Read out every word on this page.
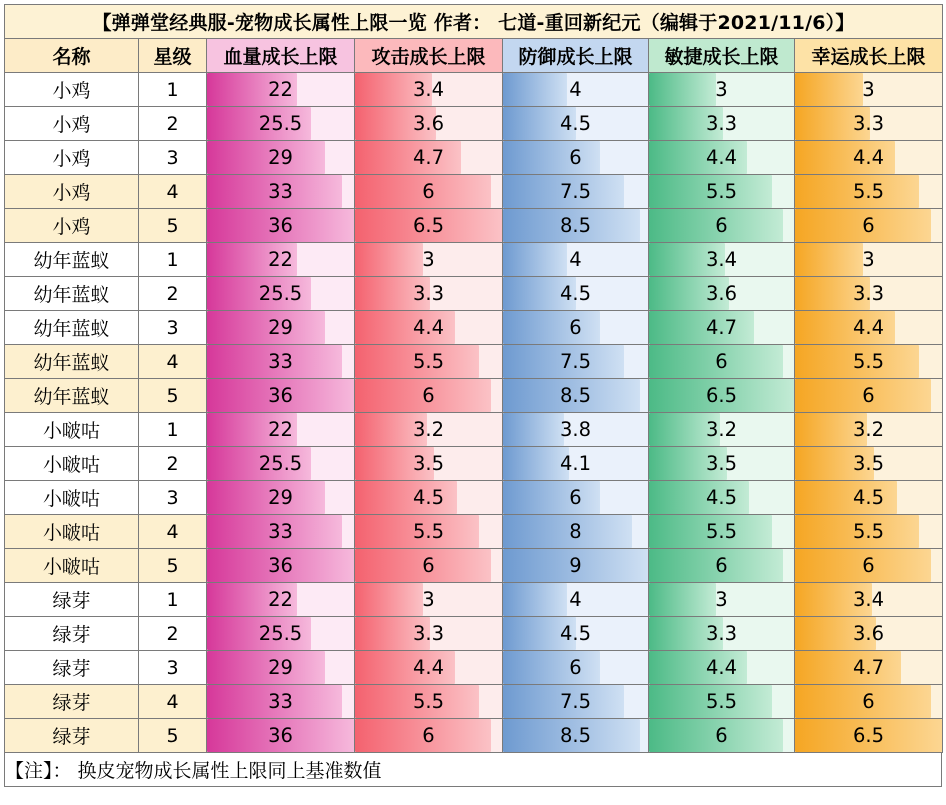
【弹弹堂经典服-宠物成长属性上限一览 作者： 七道-重回新纪元（编辑于2021/11/6）】						
名称	星级	血量成长上限	攻击成长上限	防御成长上限	敏捷成长上限	幸运成长上限
小鸡	1	22	3.4	4	3	3

小鸡	2	25.5	3.6	4.5	3.3	3.3

小鸡	3	29	4.7	6	4.4	4.4

小鸡	4	33	6	7.5	5.5	5.5

小鸡	5	36	6.5	8.5	6	6

幼年蓝蚁	1	22	3	4	3.4	3

幼年蓝蚁	2	25.5	3.3	4.5	3.6	3.3

幼年蓝蚁	3	29	4.4	6	4.7	4.4

幼年蓝蚁	4	33	5.5	7.5	6	5.5

幼年蓝蚁	5	36	6	8.5	6.5	6

小啵咕	1	22	3.2	3.8	3.2	3.2

小啵咕	2	25.5	3.5	4.1	3.5	3.5

小啵咕	3	29	4.5	6	4.5	4.5

小啵咕	4	33	5.5	8	5.5	5.5

小啵咕	5	36	6	9	6	6

绿芽	1	22	3	4	3	3.4

绿芽	2	25.5	3.3	4.5	3.3	3.6

绿芽	3	29	4.4	6	4.4	4.7

绿芽	4	33	5.5	7.5	5.5	6

绿芽	5	36	6	8.5	6	6.5
【注】： 换皮宠物成长属性上限同上基准数值
